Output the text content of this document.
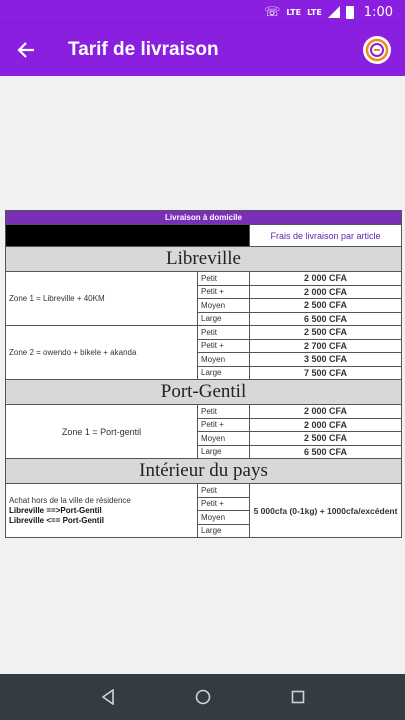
☏ LTE LTE	1:00
Tarif de livraison
Livraison à domicile		
		Frais de livraison par article
Libreville		
Zone 1 = Libreville + 40KM	Petit	2 000 CFA
	Petit +	2 000 CFA
	Moyen	2 500 CFA
	Large	6 500 CFA
Zone 2 = owendo + bikele + akanda	Petit	2 500 CFA
	Petit +	2 700 CFA
	Moyen	3 500 CFA
	Large	7 500 CFA
Port-Gentil		
Zone 1 = Port-gentil	Petit	2 000 CFA
	Petit +	2 000 CFA
	Moyen	2 500 CFA
	Large	6 500 CFA
Intérieur du pays		
Achat hors de la ville de résidence
Libreville ==>Port-Gentil
Libreville <== Port-Gentil	Petit	5 000cfa (0-1kg) + 1000cfa/excédent
	Petit +	
	Moyen	
	Large	
